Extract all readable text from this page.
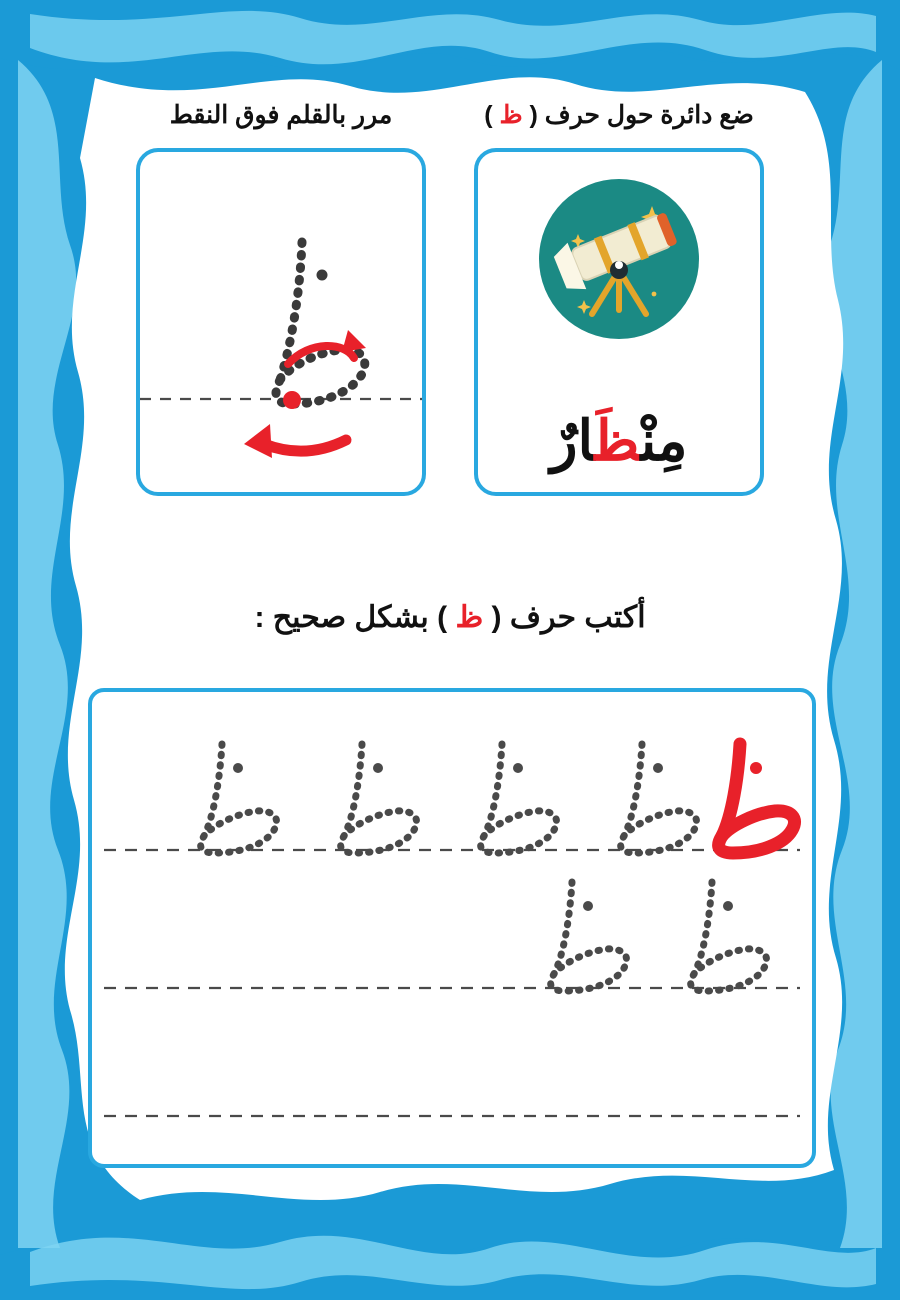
ضع دائرة حول حرف ( ظ )
مِنْظَارٌ
مرر بالقلم فوق النقط
أكتب حرف ( ظ ) بشكل صحيح :
